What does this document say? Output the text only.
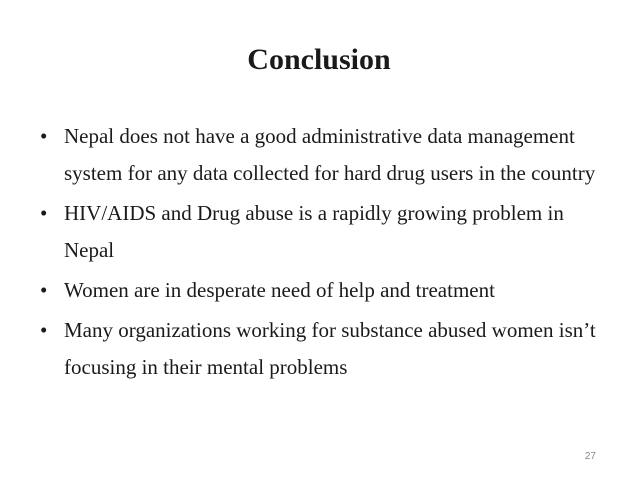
Conclusion
• Nepal does not have a good administrative data management system for any data collected for hard drug users in the country
• HIV/AIDS and Drug abuse is a rapidly growing problem in Nepal
• Women are in desperate need of help and treatment
• Many organizations working for substance abused women isn’t focusing in their mental problems
27
